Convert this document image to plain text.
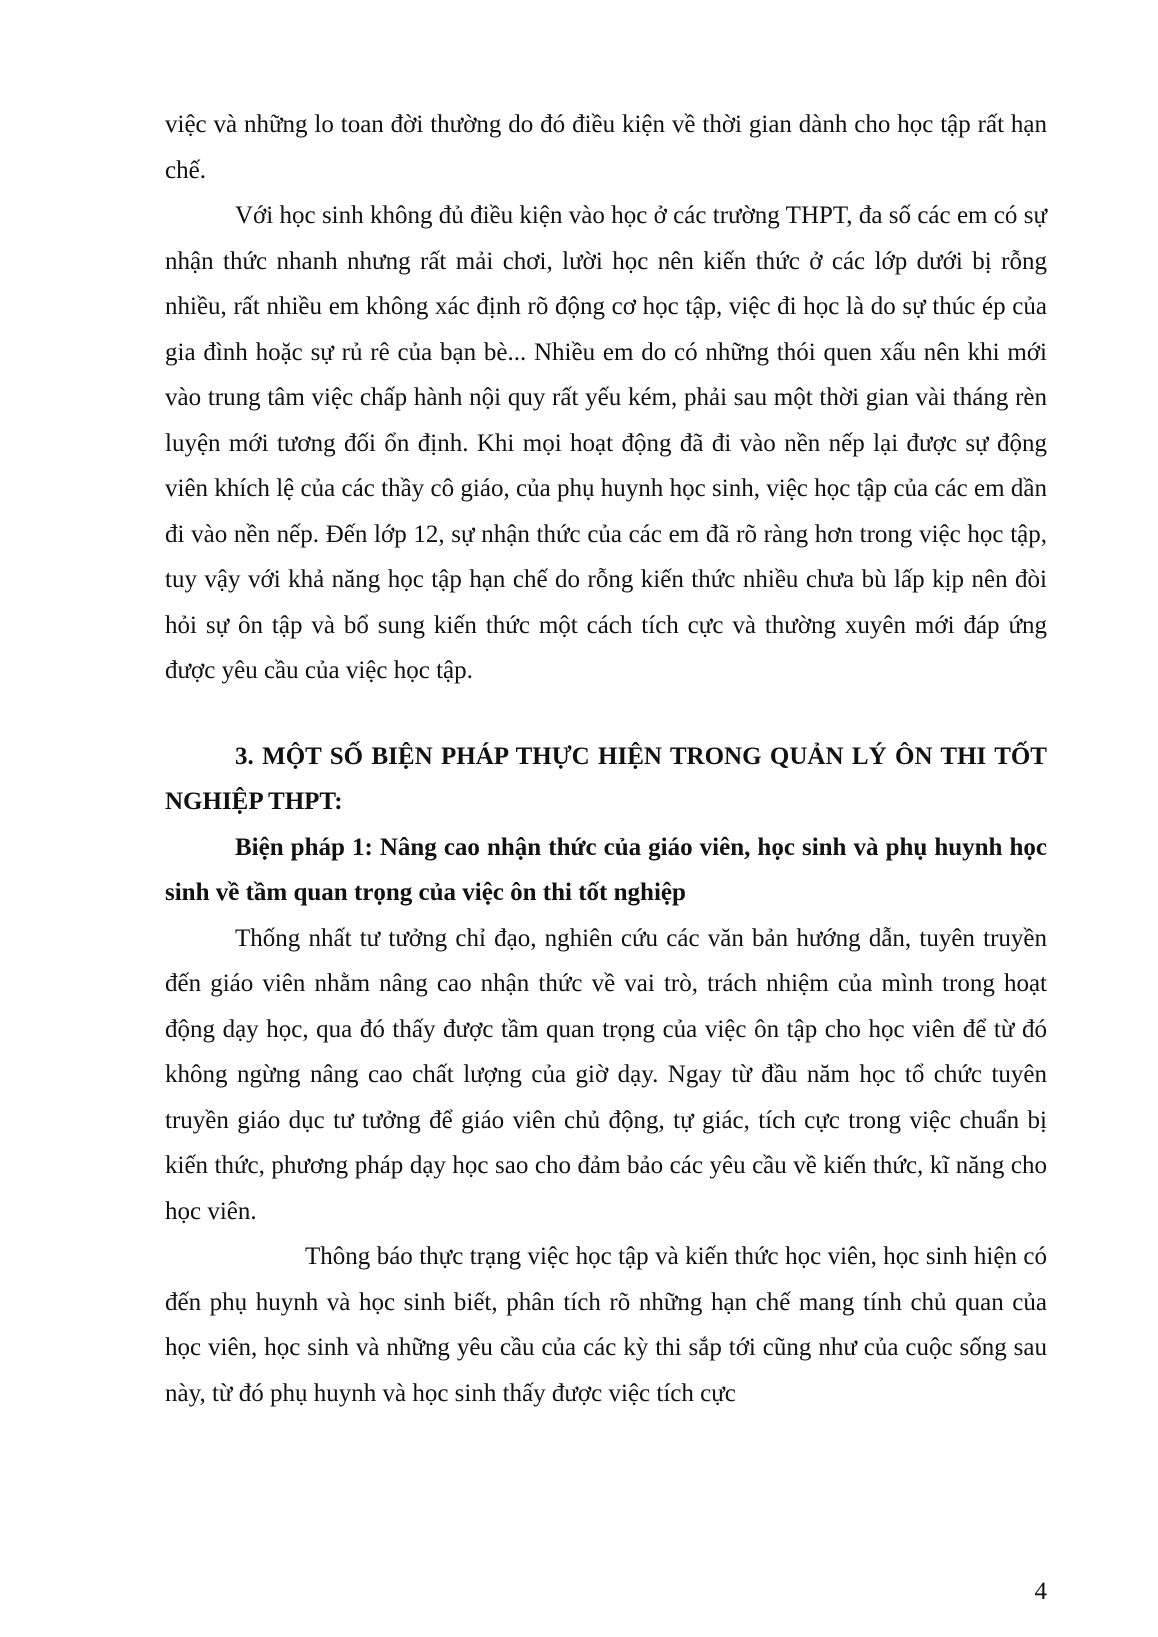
việc và những lo toan đời thường do đó điều kiện về thời gian dành cho học tập rất hạn chế.

Với học sinh không đủ điều kiện vào học ở các trường THPT, đa số các em có sự nhận thức nhanh nhưng rất mải chơi, lười học nên kiến thức ở các lớp dưới bị rỗng nhiều, rất nhiều em không xác định rõ động cơ học tập, việc đi học là do sự thúc ép của gia đình hoặc sự rủ rê của bạn bè... Nhiều em do có những thói quen xấu nên khi mới vào trung tâm việc chấp hành nội quy rất yếu kém, phải sau một thời gian vài tháng rèn luyện mới tương đối ổn định. Khi mọi hoạt động đã đi vào nền nếp lại được sự động viên khích lệ của các thầy cô giáo, của phụ huynh học sinh, việc học tập của các em dần đi vào nền nếp. Đến lớp 12, sự nhận thức của các em đã rõ ràng hơn trong việc học tập, tuy vậy với khả năng học tập hạn chế do rỗng kiến thức nhiều chưa bù lấp kịp nên đòi hỏi sự ôn tập và bổ sung kiến thức một cách tích cực và thường xuyên mới đáp ứng được yêu cầu của việc học tập.

3. MỘT SỐ BIỆN PHÁP THỰC HIỆN TRONG QUẢN LÝ ÔN THI TỐT NGHIỆP THPT:

Biện pháp 1: Nâng cao nhận thức của giáo viên, học sinh và phụ huynh học sinh về tầm quan trọng của việc ôn thi tốt nghiệp

Thống nhất tư tưởng chỉ đạo, nghiên cứu các văn bản hướng dẫn, tuyên truyền đến giáo viên nhằm nâng cao nhận thức về vai trò, trách nhiệm của mình trong hoạt động dạy học, qua đó thấy được tầm quan trọng của việc ôn tập cho học viên để từ đó không ngừng nâng cao chất lượng của giờ dạy. Ngay từ đầu năm học tổ chức tuyên truyền giáo dục tư tưởng để giáo viên chủ động, tự giác, tích cực trong việc chuẩn bị kiến thức, phương pháp dạy học sao cho đảm bảo các yêu cầu về kiến thức, kĩ năng cho học viên.

Thông báo thực trạng việc học tập và kiến thức học viên, học sinh hiện có đến phụ huynh và học sinh biết, phân tích rõ những hạn chế mang tính chủ quan của học viên, học sinh và những yêu cầu của các kỳ thi sắp tới cũng như của cuộc sống sau này, từ đó phụ huynh và học sinh thấy được việc tích cực

4
